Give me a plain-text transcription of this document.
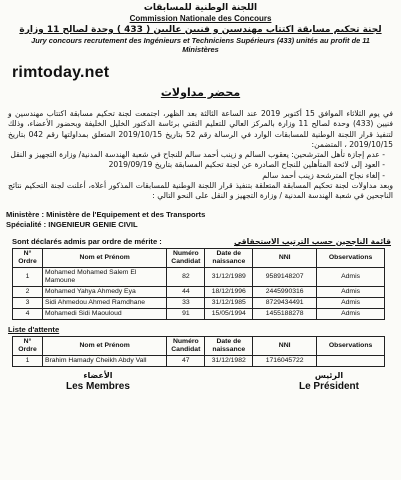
اللجنة الوطنية للمسابقات
Commission Nationale des Concours
لجنة تحكيم مسابقة اكتتاب مهندسين و فنيين عاليين ( 433 ) وحدة لصالح 11 وزارة
Jury concours recrutement des Ingénieurs et Techniciens Supérieurs (433) unités au profit de 11
Ministères
rimtoday.net
محضر مداولات

في يوم الثلاثاء الموافق 15 أكتوبر 2019 عند الساعة الثالثة بعد الظهر، اجتمعت لجنة تحكيم مسابقة اكتتاب مهندسين و فنيين (433) وحدة لصالح 11 وزارة بالمركز العالي للتعليم التقني برئاسة الدكتور الخليل الخليفة وبحضور الأعضاء، وذلك لتنفيذ قرار اللجنة الوطنية للمسابقات الوارد في الرسالة رقم 52 بتاريخ 2019/10/15 المتعلق بمداولتها رقم 042 بتاريخ 2019/10/15 ، المتضمن:

- عدم إجازة تأهل المترشحين: يعقوب السالم و زينب أحمد سالم للنجاح في شعبة الهندسة المدنية/ وزارة التجهيز و النقل
- العود إلى لائحة المتأهلين للنجاح الصادرة عن لجنة تحكيم المسابقة بتاريخ 2019/09/19
- إلغاء نجاح المترشحة زينب أحمد سالم

وبعد مداولات لجنة تحكيم المسابقة المتعلقة بتنفيذ قرار اللجنة الوطنية للمسابقات المذكور أعلاه، أعلنت لجنة التحكيم نتائج الناجحين في شعبة الهندسة المدنية / وزارة التجهيز و النقل على النحو التالي :

Ministère : Ministère de l'Equipement et des Transports
Spécialité : INGENIEUR GENIE CIVIL
Sont déclarés admis par ordre de mérite :	قائمة الناجحين حسب الترتيب الاستحقاقي
N° Ordre	Nom et Prénom	Numéro Candidat	Date de naissance	NNI	Observations
1	Mohamed Mohamed Salem El Mamoune	82	31/12/1989	9589148207	Admis
2	Mohamed Yahya Ahmedy Eya	44	18/12/1996	2445990316	Admis
3	Sidi Ahmedou Ahmed Ramdhane	33	31/12/1985	8729434491	Admis
4	Mohamedi Sidi Maouloud	91	15/05/1994	1455188278	Admis
Liste d'attente
N° Ordre	Nom et Prénom	Numéro Candidat	Date de naissance	NNI	Observations
1	Brahim Hamady Cheikh Abdy Vall	47	31/12/1982	1716045722	
الأعضاء
Les Membres
الرئيس
Le Président
